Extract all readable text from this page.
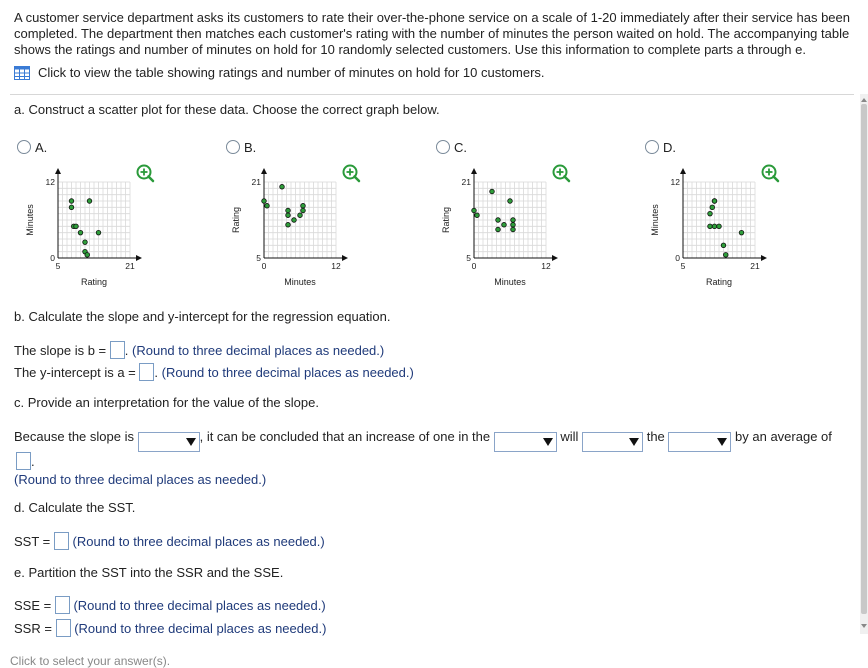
A customer service department asks its customers to rate their over-the-phone service on a scale of 1-20 immediately after their service has been completed. The department then matches each customer's rating with the number of minutes the person waited on hold. The accompanying table shows the ratings and number of minutes on hold for 10 randomly selected customers. Use this information to complete parts a through e.
Click to view the table showing ratings and number of minutes on hold for 10 customers.
a. Construct a scatter plot for these data. Choose the correct graph below.
A.	B.	C.	D.
5	21
0
12
Rating
Minutes
0	12
5
21
Minutes
Rating
0	12
5
21
Minutes
Rating
5	21
0
12
Rating
Minutes
b. Calculate the slope and y-intercept for the regression equation.
The slope is b = . (Round to three decimal places as needed.)
The y-intercept is a = . (Round to three decimal places as needed.)
c. Provide an interpretation for the value of the slope.
Because the slope is	, it can be concluded that an increase of one in the	will	the	by an average of
.
(Round to three decimal places as needed.)
d. Calculate the SST.
SST = (Round to three decimal places as needed.)
e. Partition the SST into the SSR and the SSE.
SSE = (Round to three decimal places as needed.)
SSR = (Round to three decimal places as needed.)
Click to select your answer(s).
